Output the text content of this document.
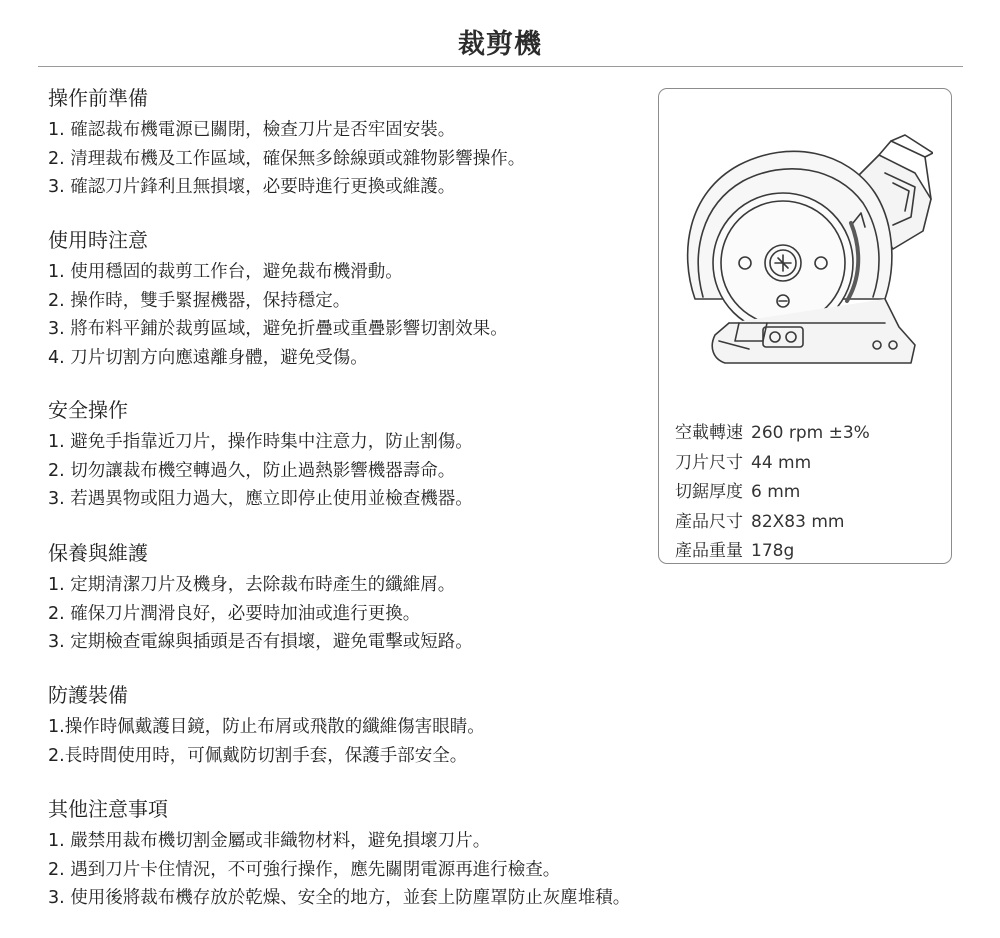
裁剪機
操作前準備
1. 確認裁布機電源已關閉，檢查刀片是否牢固安裝。
2. 清理裁布機及工作區域，確保無多餘線頭或雜物影響操作。
3. 確認刀片鋒利且無損壞，必要時進行更換或維護。
使用時注意
1. 使用穩固的裁剪工作台，避免裁布機滑動。
2. 操作時，雙手緊握機器，保持穩定。
3. 將布料平鋪於裁剪區域，避免折疊或重疊影響切割效果。
4. 刀片切割方向應遠離身體，避免受傷。
安全操作
1. 避免手指靠近刀片，操作時集中注意力，防止割傷。
2. 切勿讓裁布機空轉過久，防止過熱影響機器壽命。
3. 若遇異物或阻力過大，應立即停止使用並檢查機器。
保養與維護
1. 定期清潔刀片及機身，去除裁布時產生的纖維屑。
2. 確保刀片潤滑良好，必要時加油或進行更換。
3. 定期檢查電線與插頭是否有損壞，避免電擊或短路。
防護裝備
1.操作時佩戴護目鏡，防止布屑或飛散的纖維傷害眼睛。
2.長時間使用時，可佩戴防切割手套，保護手部安全。
其他注意事項
1. 嚴禁用裁布機切割金屬或非織物材料，避免損壞刀片。
2. 遇到刀片卡住情況，不可強行操作，應先關閉電源再進行檢查。
3. 使用後將裁布機存放於乾燥、安全的地方，並套上防塵罩防止灰塵堆積。
空載轉速 260 rpm ±3%
刀片尺寸 44 mm
切鋸厚度 6 mm
產品尺寸 82X83 mm
產品重量 178g
